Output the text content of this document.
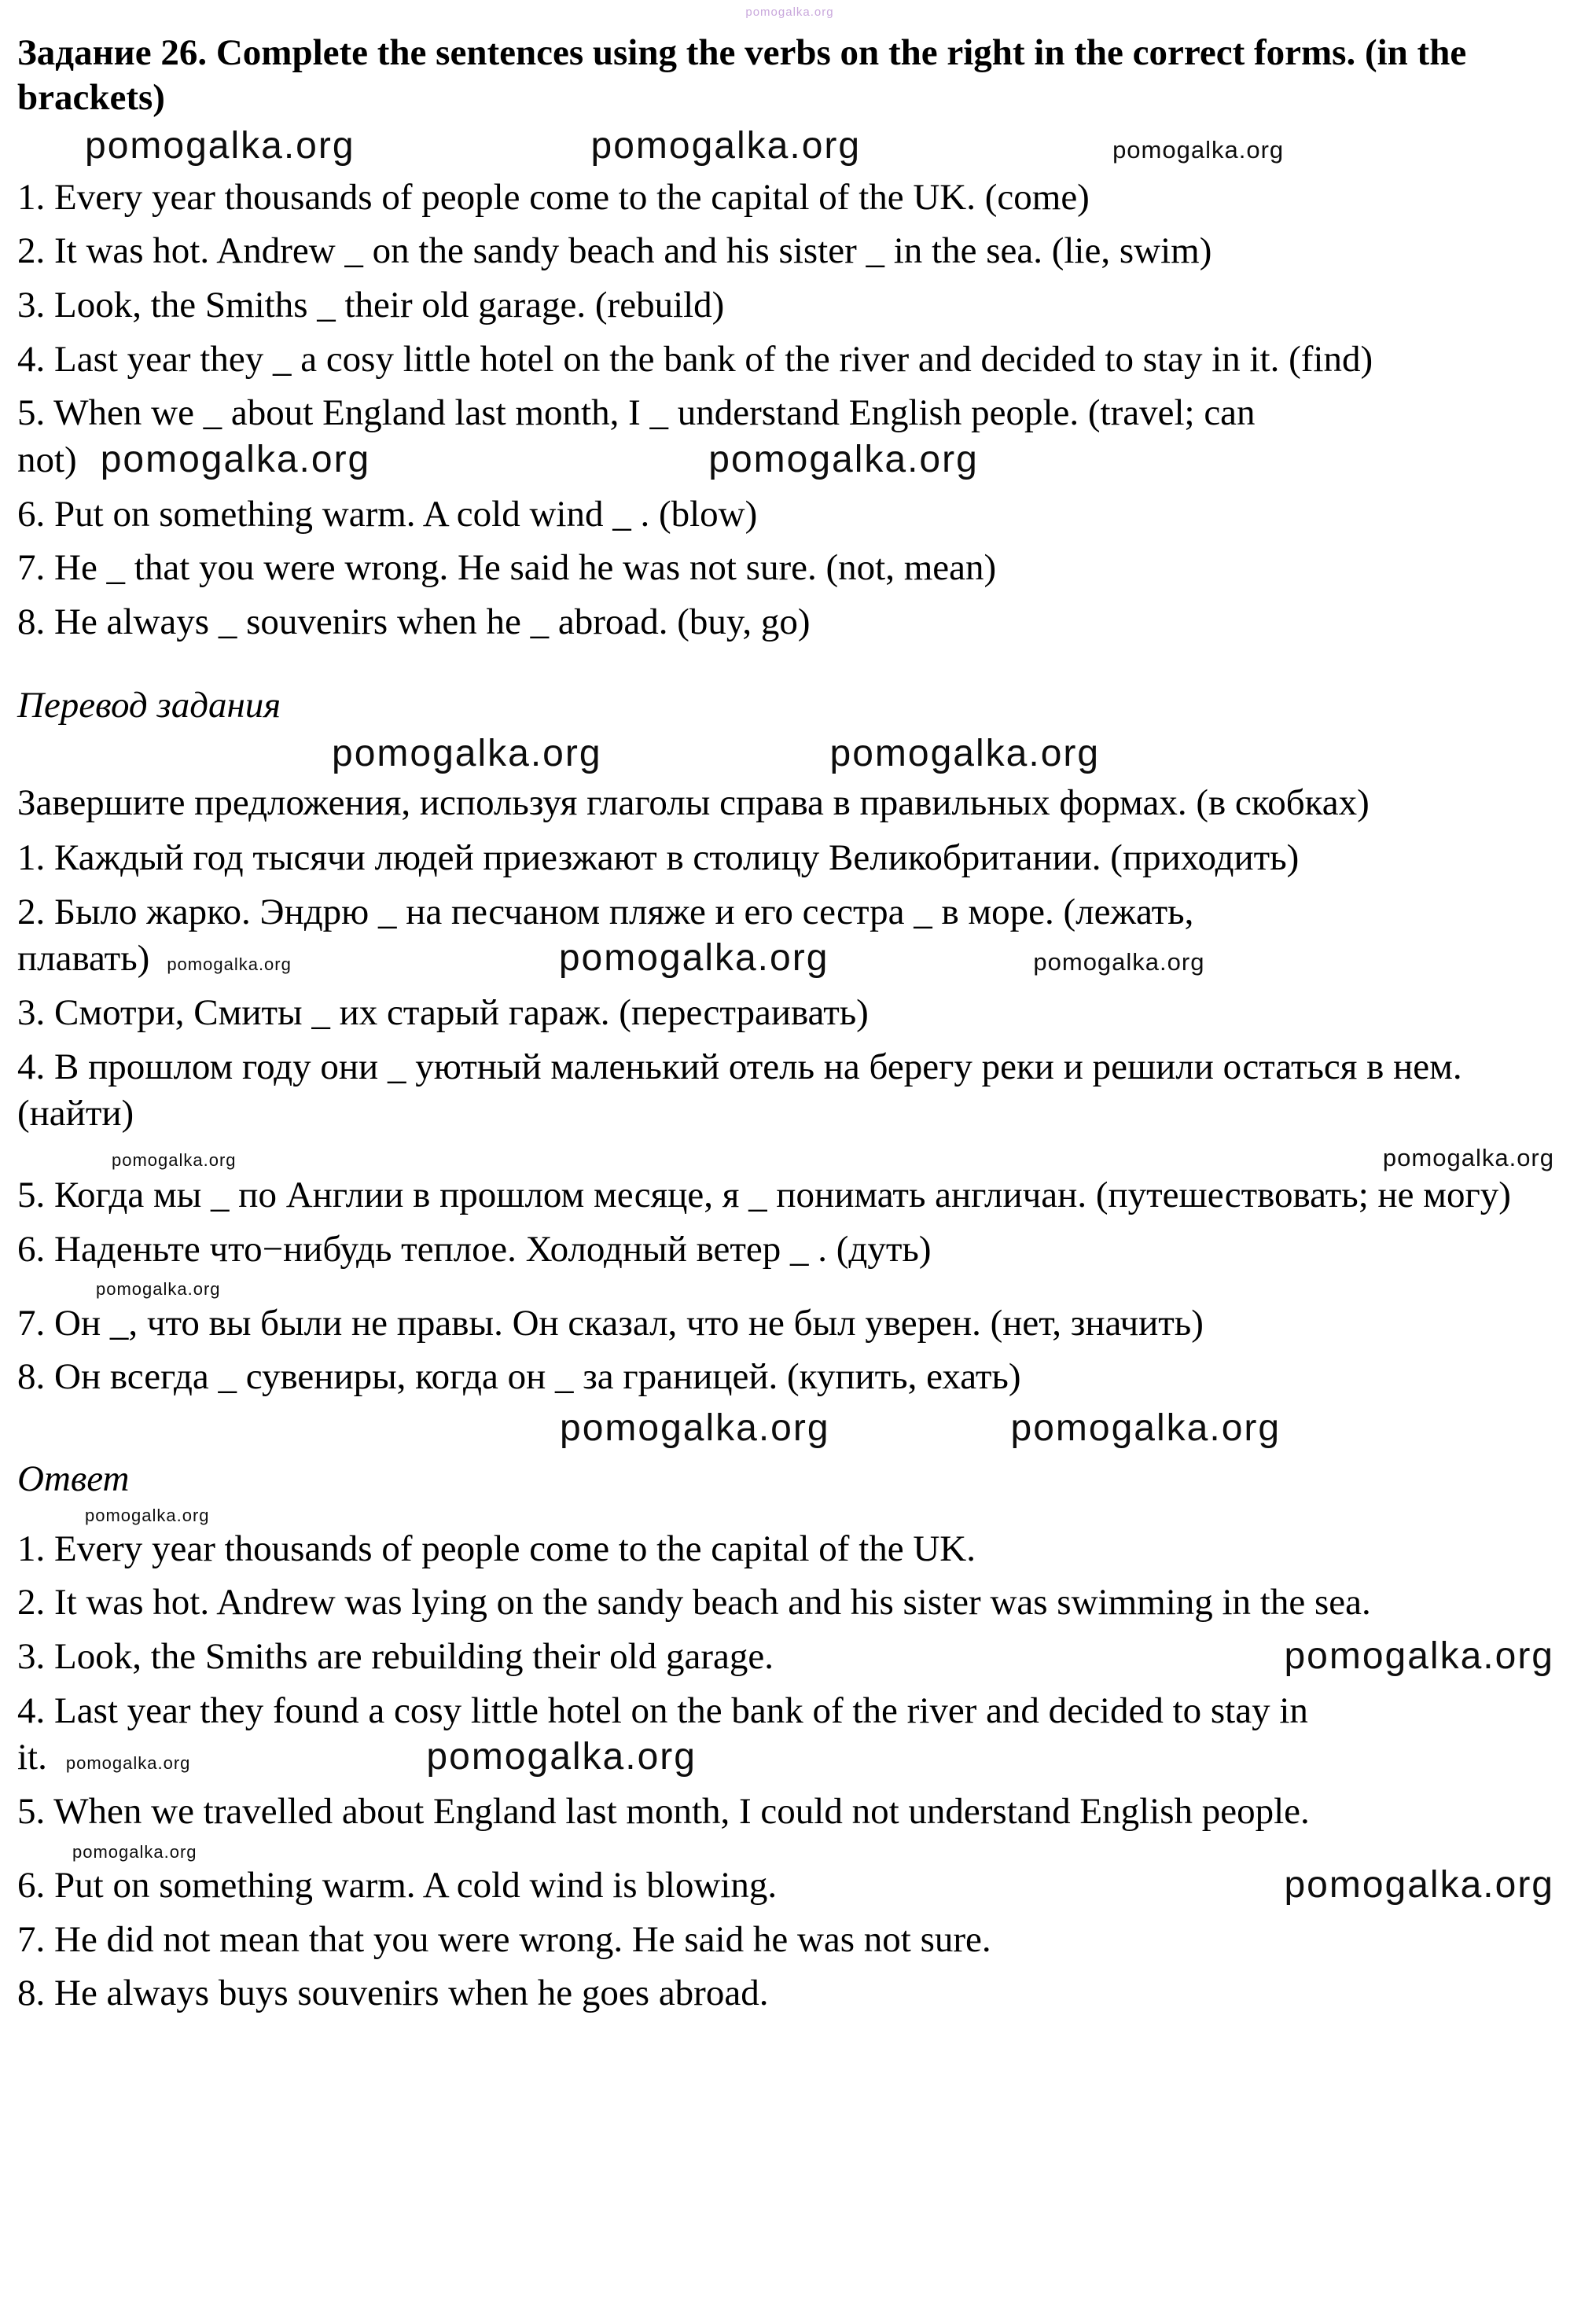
pomogalka.org
Задание 26. Complete the sentences using the verbs on the right in the correct forms. (in the brackets)
pomogalka.org	pomogalka.org	pomogalka.org

1. Every year thousands of people come to the capital of the UK. (come)

2. It was hot. Andrew _ on the sandy beach and his sister _ in the sea. (lie, swim)

3. Look, the Smiths _ their old garage. (rebuild)

4. Last year they _ a cosy little hotel on the bank of the river and decided to stay in it. (find)

5. When we _ about England last month, I _ understand English people. (travel; can not) pomogalka.org	pomogalka.org

6. Put on something warm. A cold wind _ . (blow)

7. He _ that you were wrong. He said he was not sure. (not, mean)

8. He always _ souvenirs when he _ abroad. (buy, go)

Перевод задания
pomogalka.org	pomogalka.org

Завершите предложения, используя глаголы справа в правильных формах. (в скобках)

1. Каждый год тысячи людей приезжают в столицу Великобритании. (приходить)

2. Было жарко. Эндрю _ на песчаном пляже и его сестра _ в море. (лежать, плавать) pomogalka.org	pomogalka.org	pomogalka.org

3. Смотри, Смиты _ их старый гараж. (перестраивать)

4. В прошлом году они _ уютный маленький отель на берегу реки и решили остаться в нем. (найти)

pomogalka.org	pomogalka.org

5. Когда мы _ по Англии в прошлом месяце, я _ понимать англичан. (путешествовать; не могу)

6. Наденьте что−нибудь теплое. Холодный ветер _ . (дуть)

pomogalka.org

7. Он _, что вы были не правы. Он сказал, что не был уверен. (нет, значить)

8. Он всегда _ сувениры, когда он _ за границей. (купить, ехать)

pomogalka.org	pomogalka.org
Ответ
pomogalka.org

1. Every year thousands of people come to the capital of the UK.

2. It was hot. Andrew was lying on the sandy beach and his sister was swimming in the sea.

3. Look, the Smiths are rebuilding their old garage.	pomogalka.org

4. Last year they found a cosy little hotel on the bank of the river and decided to stay in it. pomogalka.org	pomogalka.org

5. When we travelled about England last month, I could not understand English people.

pomogalka.org

6. Put on something warm. A cold wind is blowing.	pomogalka.org

7. He did not mean that you were wrong. He said he was not sure.

8. He always buys souvenirs when he goes abroad.
